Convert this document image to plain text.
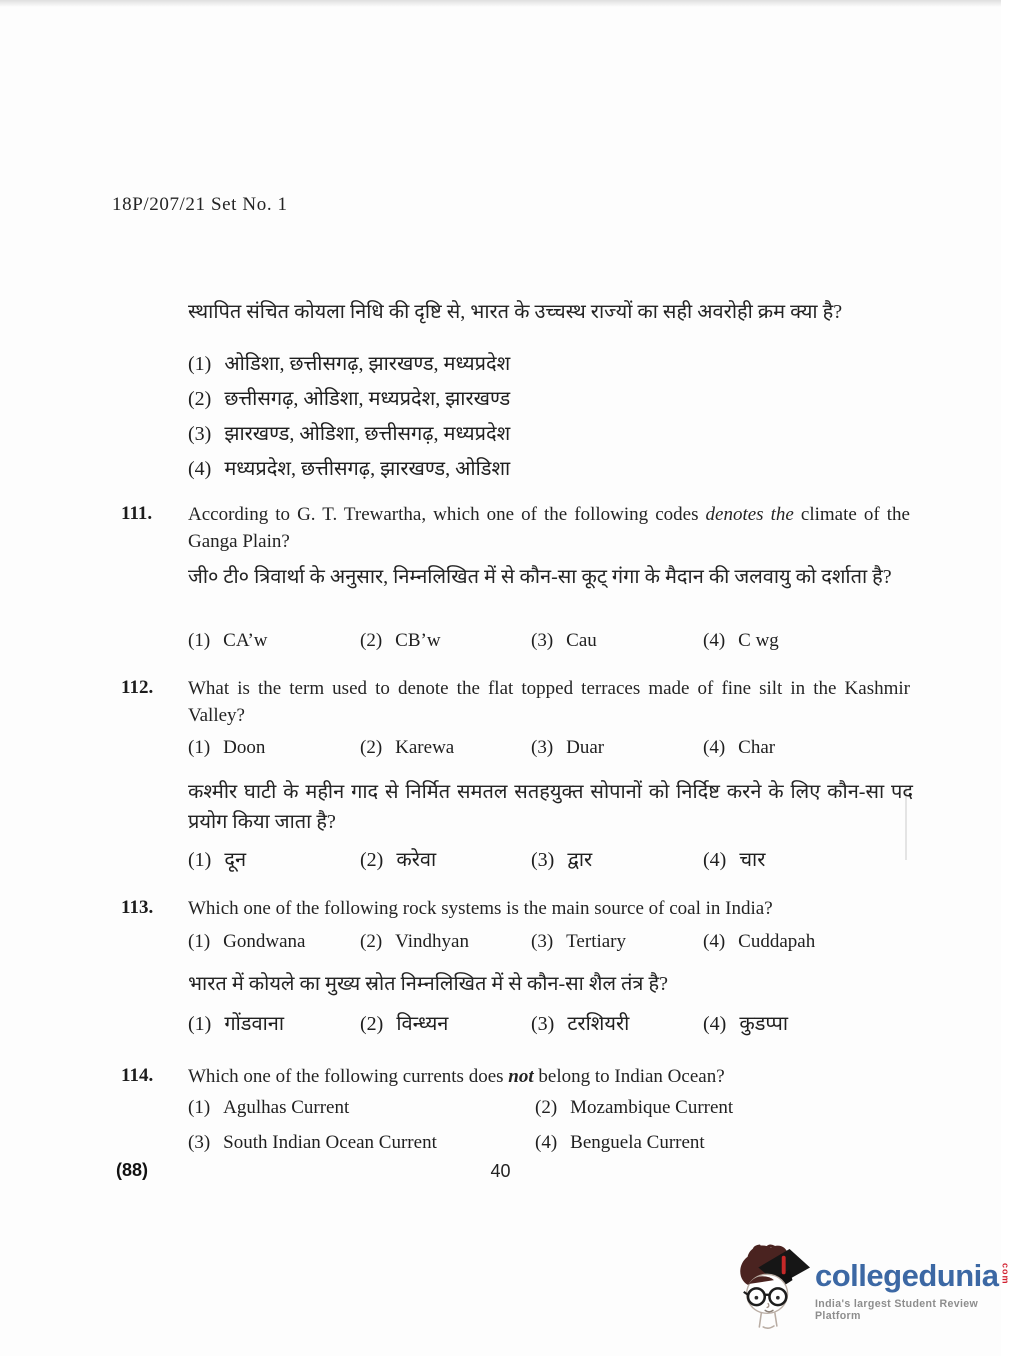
18P/207/21 Set No. 1
स्थापित संचित कोयला निधि की दृष्टि से, भारत के उच्चस्थ राज्यों का सही अवरोही क्रम क्या है?
(1) ओडिशा, छत्तीसगढ़, झारखण्ड, मध्यप्रदेश
(2) छत्तीसगढ़, ओडिशा, मध्यप्रदेश, झारखण्ड
(3) झारखण्ड, ओडिशा, छत्तीसगढ़, मध्यप्रदेश
(4) मध्यप्रदेश, छत्तीसगढ़, झारखण्ड, ओडिशा
111.	According to G. T. Trewartha, which one of the following codes denotes the climate of the Ganga Plain?
जी० टी० त्रिवार्था के अनुसार, निम्नलिखित में से कौन-सा कूट् गंगा के मैदान की जलवायु को दर्शाता है?
(1) CA’w	(2) CB’w	(3) Cau	(4) C wg
112.	What is the term used to denote the flat topped terraces made of fine silt in the Kashmir Valley?
(1) Doon	(2) Karewa	(3) Duar	(4) Char
कश्मीर घाटी के महीन गाद से निर्मित समतल सतहयुक्त सोपानों को निर्दिष्ट करने के लिए कौन-सा पद प्रयोग किया जाता है?
(1) दून	(2) करेवा	(3) द्वार	(4) चार
113.	Which one of the following rock systems is the main source of coal in India?
(1) Gondwana	(2) Vindhyan	(3) Tertiary	(4) Cuddapah
भारत में कोयले का मुख्य स्रोत निम्नलिखित में से कौन-सा शैल तंत्र है?
(1) गोंडवाना	(2) विन्ध्यन	(3) टरशियरी	(4) कुडप्पा
114.	Which one of the following currents does not belong to Indian Ocean?
(1) Agulhas Current	(2) Mozambique Current
(3) South Indian Ocean Current	(4) Benguela Current
(88)	40
collegedunia com
India's largest Student Review Platform
